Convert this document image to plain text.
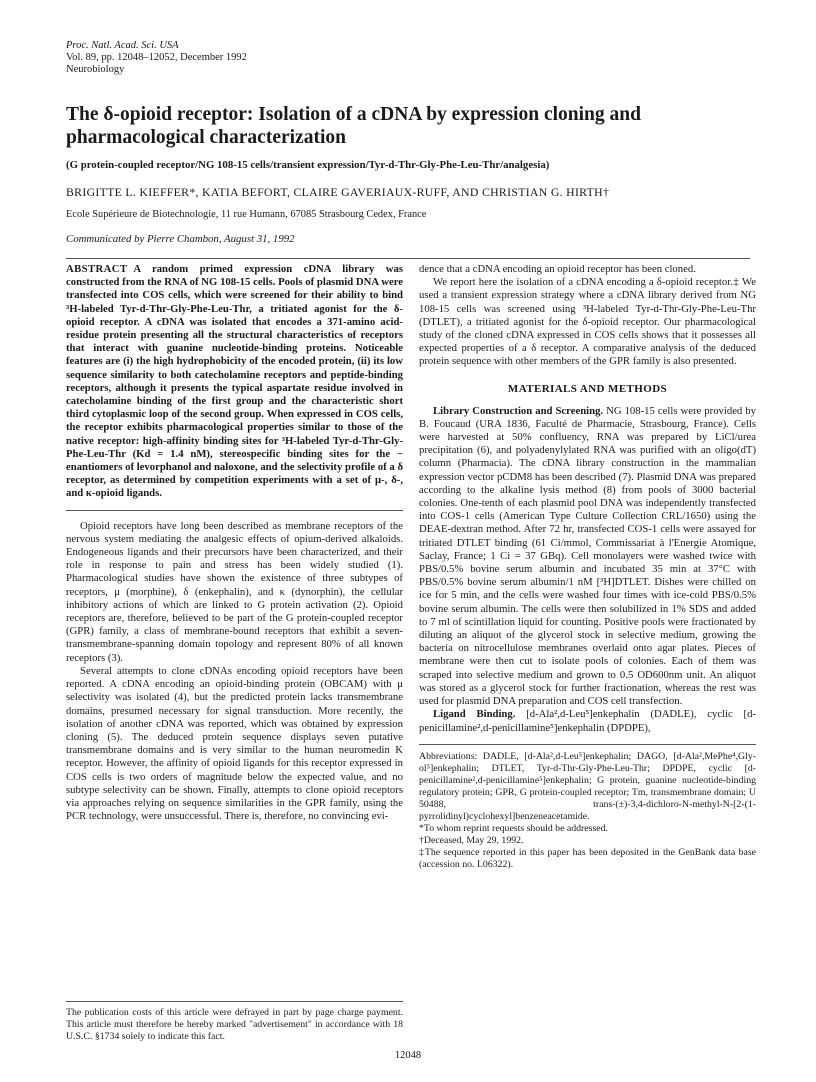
Proc. Natl. Acad. Sci. USA
Vol. 89, pp. 12048–12052, December 1992
Neurobiology
The δ-opioid receptor: Isolation of a cDNA by expression cloning and pharmacological characterization
(G protein-coupled receptor/NG 108-15 cells/transient expression/Tyr-d-Thr-Gly-Phe-Leu-Thr/analgesia)
BRIGITTE L. KIEFFER*, KATIA BEFORT, CLAIRE GAVERIAUX-RUFF, AND CHRISTIAN G. HIRTH†
Ecole Supérieure de Biotechnologie, 11 rue Humann, 67085 Strasbourg Cedex, France
Communicated by Pierre Chambon, August 31, 1992

ABSTRACT A random primed expression cDNA library was constructed from the RNA of NG 108-15 cells. Pools of plasmid DNA were transfected into COS cells, which were screened for their ability to bind ³H-labeled Tyr-d-Thr-Gly-Phe-Leu-Thr, a tritiated agonist for the δ-opioid receptor. A cDNA was isolated that encodes a 371-amino acid-residue protein presenting all the structural characteristics of receptors that interact with guanine nucleotide-binding proteins. Noticeable features are (i) the high hydrophobicity of the encoded protein, (ii) its low sequence similarity to both catecholamine receptors and peptide-binding receptors, although it presents the typical aspartate residue involved in catecholamine binding of the first group and the characteristic short third cytoplasmic loop of the second group. When expressed in COS cells, the receptor exhibits pharmacological properties similar to those of the native receptor: high-affinity binding sites for ³H-labeled Tyr-d-Thr-Gly-Phe-Leu-Thr (Kd = 1.4 nM), stereospecific binding sites for the − enantiomers of levorphanol and naloxone, and the selectivity profile of a δ receptor, as determined by competition experiments with a set of μ-, δ-, and κ-opioid ligands.

Opioid receptors have long been described as membrane receptors of the nervous system mediating the analgesic effects of opium-derived alkaloids. Endogeneous ligands and their precursors have been characterized, and their role in response to pain and stress has been widely studied (1). Pharmacological studies have shown the existence of three subtypes of receptors, μ (morphine), δ (enkephalin), and κ (dynorphin), the cellular inhibitory actions of which are linked to G protein activation (2). Opioid receptors are, therefore, believed to be part of the G protein-coupled receptor (GPR) family, a class of membrane-bound receptors that exhibit a seven-transmembrane-spanning domain topology and represent 80% of all known receptors (3).

Several attempts to clone cDNAs encoding opioid receptors have been reported. A cDNA encoding an opioid-binding protein (OBCAM) with μ selectivity was isolated (4), but the predicted protein lacks transmembrane domains, presumed necessary for signal transduction. More recently, the isolation of another cDNA was reported, which was obtained by expression cloning (5). The deduced protein sequence displays seven putative transmembrane domains and is very similar to the human neuromedin K receptor. However, the affinity of opioid ligands for this receptor expressed in COS cells is two orders of magnitude below the expected value, and no subtype selectivity can be shown. Finally, attempts to clone opioid receptors via approaches relying on sequence similarities in the GPR family, using the PCR technology, were unsuccessful. There is, therefore, no convincing evi-

The publication costs of this article were defrayed in part by page charge payment. This article must therefore be hereby marked "advertisement" in accordance with 18 U.S.C. §1734 solely to indicate this fact.

dence that a cDNA encoding an opioid receptor has been cloned.

We report here the isolation of a cDNA encoding a δ-opioid receptor.‡ We used a transient expression strategy where a cDNA library derived from NG 108-15 cells was screened using ³H-labeled Tyr-d-Thr-Gly-Phe-Leu-Thr (DTLET), a tritiated agonist for the δ-opioid receptor. Our pharmacological study of the cloned cDNA expressed in COS cells shows that it possesses all expected properties of a δ receptor. A comparative analysis of the deduced protein sequence with other members of the GPR family is also presented.

MATERIALS AND METHODS

Library Construction and Screening. NG 108-15 cells were provided by B. Foucaud (URA 1836, Faculté de Pharmacie, Strasbourg, France). Cells were harvested at 50% confluency, RNA was prepared by LiCl/urea precipitation (6), and polyadenylylated RNA was purified with an oligo(dT) column (Pharmacia). The cDNA library construction in the mammalian expression vector pCDM8 has been described (7). Plasmid DNA was prepared according to the alkaline lysis method (8) from pools of 3000 bacterial colonies. One-tenth of each plasmid pool DNA was independently transfected into COS-1 cells (American Type Culture Collection CRL/1650) using the DEAE-dextran method. After 72 hr, transfected COS-1 cells were assayed for tritiated DTLET binding (61 Ci/mmol, Commissariat à l'Energie Atomique, Saclay, France; 1 Ci = 37 GBq). Cell monolayers were washed twice with PBS/0.5% bovine serum albumin and incubated 35 min at 37°C with PBS/0.5% bovine serum albumin/1 nM [³H]DTLET. Dishes were chilled on ice for 5 min, and the cells were washed four times with ice-cold PBS/0.5% bovine serum albumin. The cells were then solubilized in 1% SDS and added to 7 ml of scintillation liquid for counting. Positive pools were fractionated by diluting an aliquot of the glycerol stock in selective medium, growing the bacteria on nitrocellulose membranes overlaid onto agar plates. Pieces of membrane were then cut to isolate pools of colonies. Each of them was scraped into selective medium and grown to 0.5 OD600nm unit. An aliquot was stored as a glycerol stock for further fractionation, whereas the rest was used for plasmid DNA preparation and COS cell transfection.

Ligand Binding. [d-Ala²,d-Leu⁵]enkephalin (DADLE), cyclic [d-penicillamine²,d-penicillamine⁵]enkephalin (DPDPE),

Abbreviations: DADLE, [d-Ala²,d-Leu⁵]enkephalin; DAGO, [d-Ala²,MePhe⁴,Gly-ol⁵]enkephalin; DTLET, Tyr-d-Thr-Gly-Phe-Leu-Thr; DPDPE, cyclic [d-penicillamine²,d-penicillamine⁵]enkephalin; G protein, guanine nucleotide-binding regulatory protein; GPR, G protein-coupled receptor; Tm, transmembrane domain; U 50488, trans-(±)-3,4-dichloro-N-methyl-N-[2-(1-pyrrolidinyl)cyclohexyl]benzeneacetamide.

*To whom reprint requests should be addressed.

†Deceased, May 29, 1992.

‡The sequence reported in this paper has been deposited in the GenBank data base (accession no. L06322).

12048
